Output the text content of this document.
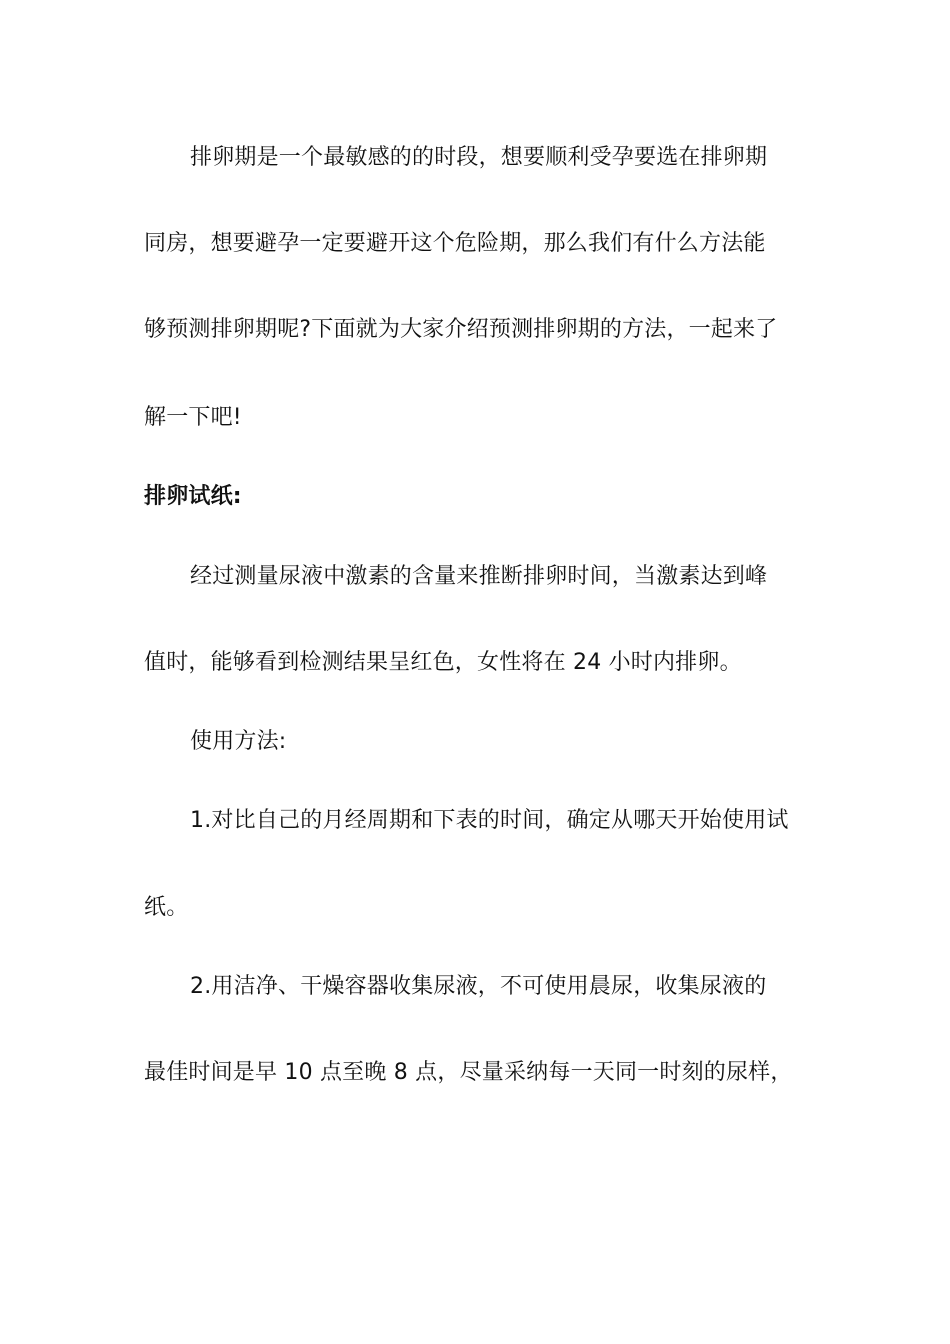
排卵期是一个最敏感的的时段，想要顺利受孕要选在排卵期
同房，想要避孕一定要避开这个危险期，那么我们有什么方法能
够预测排卵期呢?下面就为大家介绍预测排卵期的方法，一起来了
解一下吧!
排卵试纸:
经过测量尿液中激素的含量来推断排卵时间，当激素达到峰
值时，能够看到检测结果呈红色，女性将在 24 小时内排卵。
使用方法:
1.对比自己的月经周期和下表的时间，确定从哪天开始使用试
纸。
2.用洁净、干燥容器收集尿液，不可使用晨尿，收集尿液的
最佳时间是早 10 点至晚 8 点，尽量采纳每一天同一时刻的尿样，
